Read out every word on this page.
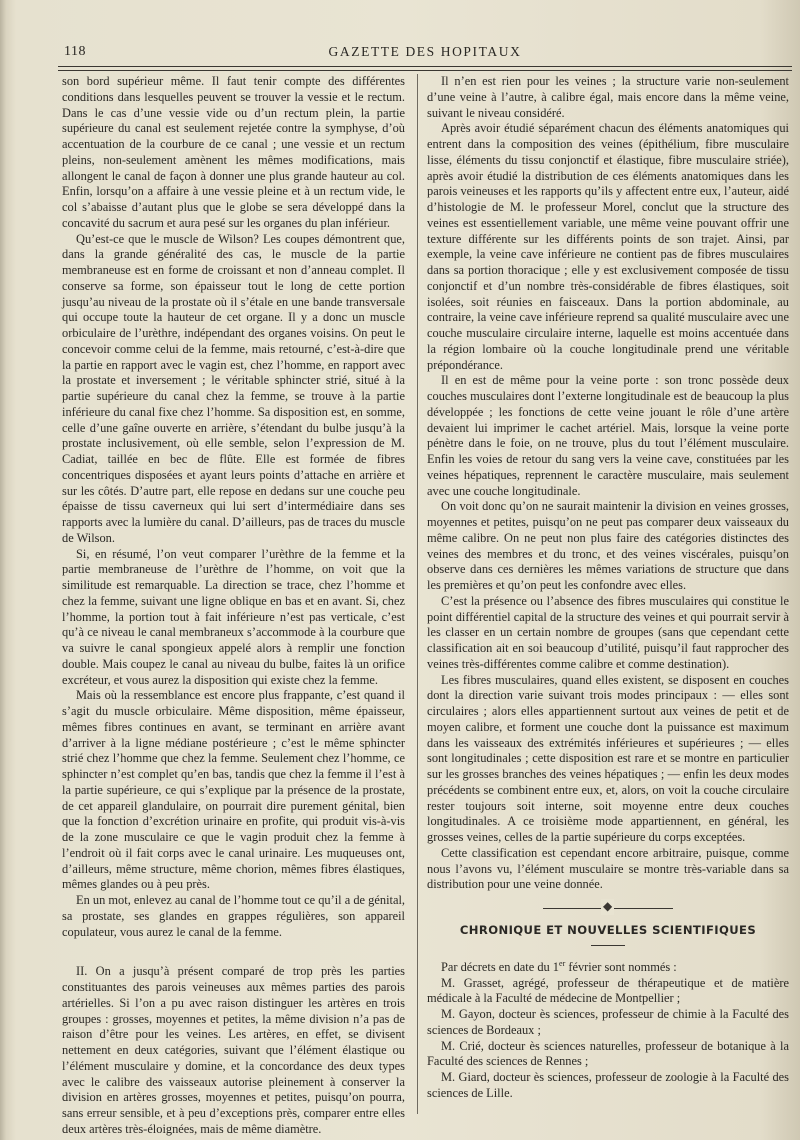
118	GAZETTE DES HOPITAUX

son bord supérieur même. Il faut tenir compte des différentes conditions dans lesquelles peuvent se trouver la vessie et le rectum. Dans le cas d’une vessie vide ou d’un rectum plein, la partie supérieure du canal est seulement rejetée contre la symphyse, d’où accentuation de la courbure de ce canal ; une vessie et un rectum pleins, non-seulement amènent les mêmes modifications, mais allongent le canal de façon à donner une plus grande hauteur au col. Enfin, lorsqu’on a affaire à une vessie pleine et à un rectum vide, le col s’abaisse d’autant plus que le globe se sera développé dans la concavité du sacrum et aura pesé sur les organes du plan inférieur.

Qu’est-ce que le muscle de Wilson? Les coupes démontrent que, dans la grande généralité des cas, le muscle de la partie membraneuse est en forme de croissant et non d’anneau complet. Il conserve sa forme, son épaisseur tout le long de cette portion jusqu’au niveau de la prostate où il s’étale en une bande transversale qui occupe toute la hauteur de cet organe. Il y a donc un muscle orbiculaire de l’urèthre, indépendant des organes voisins. On peut le concevoir comme celui de la femme, mais retourné, c’est-à-dire que la partie en rapport avec le vagin est, chez l’homme, en rapport avec la prostate et inversement ; le véritable sphincter strié, situé à la partie supérieure du canal chez la femme, se trouve à la partie inférieure du canal fixe chez l’homme. Sa disposition est, en somme, celle d’une gaîne ouverte en arrière, s’étendant du bulbe jusqu’à la prostate inclusivement, où elle semble, selon l’expression de M. Cadiat, taillée en bec de flûte. Elle est formée de fibres concentriques disposées et ayant leurs points d’attache en arrière et sur les côtés. D’autre part, elle repose en dedans sur une couche peu épaisse de tissu caverneux qui lui sert d’intermédiaire dans ses rapports avec la lumière du canal. D’ailleurs, pas de traces du muscle de Wilson.

Si, en résumé, l’on veut comparer l’urèthre de la femme et la partie membraneuse de l’urèthre de l’homme, on voit que la similitude est remarquable. La direction se trace, chez l’homme et chez la femme, suivant une ligne oblique en bas et en avant. Si, chez l’homme, la portion tout à fait inférieure n’est pas verticale, c’est qu’à ce niveau le canal membraneux s’accommode à la courbure que va suivre le canal spongieux appelé alors à remplir une fonction double. Mais coupez le canal au niveau du bulbe, faites là un orifice excréteur, et vous aurez la disposition qui existe chez la femme.

Mais où la ressemblance est encore plus frappante, c’est quand il s’agit du muscle orbiculaire. Même disposition, même épaisseur, mêmes fibres continues en avant, se terminant en arrière avant d’arriver à la ligne médiane postérieure ; c’est le même sphincter strié chez l’homme que chez la femme. Seulement chez l’homme, ce sphincter n’est complet qu’en bas, tandis que chez la femme il l’est à la partie supérieure, ce qui s’explique par la présence de la prostate, de cet appareil glandulaire, on pourrait dire purement génital, bien que la fonction d’excrétion urinaire en profite, qui produit vis-à-vis de la zone musculaire ce que le vagin produit chez la femme à l’endroit où il fait corps avec le canal urinaire. Les muqueuses ont, d’ailleurs, même structure, même chorion, mêmes fibres élastiques, mêmes glandes ou à peu près.

En un mot, enlevez au canal de l’homme tout ce qu’il a de génital, sa prostate, ses glandes en grappes régulières, son appareil copulateur, vous aurez le canal de la femme.

II. On a jusqu’à présent comparé de trop près les parties constituantes des parois veineuses aux mêmes parties des parois artérielles. Si l’on a pu avec raison distinguer les artères en trois groupes : grosses, moyennes et petites, la même division n’a pas de raison d’être pour les veines. Les artères, en effet, se divisent nettement en deux catégories, suivant que l’élément élastique ou l’élément musculaire y domine, et la concordance des deux types avec le calibre des vaisseaux autorise pleinement à conserver la division en artères grosses, moyennes et petites, puisqu’on pourra, sans erreur sensible, et à peu d’exceptions près, comparer entre elles deux artères très-éloignées, mais de même diamètre.

Il n’en est rien pour les veines ; la structure varie non-seulement d’une veine à l’autre, à calibre égal, mais encore dans la même veine, suivant le niveau considéré.

Après avoir étudié séparément chacun des éléments anatomiques qui entrent dans la composition des veines (épithélium, fibre musculaire lisse, éléments du tissu conjonctif et élastique, fibre musculaire striée), après avoir étudié la distribution de ces éléments anatomiques dans les parois veineuses et les rapports qu’ils y affectent entre eux, l’auteur, aidé d’histologie de M. le professeur Morel, conclut que la structure des veines est essentiellement variable, une même veine pouvant offrir une texture différente sur les différents points de son trajet. Ainsi, par exemple, la veine cave inférieure ne contient pas de fibres musculaires dans sa portion thoracique ; elle y est exclusivement composée de tissu conjonctif et d’un nombre très-considérable de fibres élastiques, soit isolées, soit réunies en faisceaux. Dans la portion abdominale, au contraire, la veine cave inférieure reprend sa qualité musculaire avec une couche musculaire circulaire interne, laquelle est moins accentuée dans la région lombaire où la couche longitudinale prend une véritable prépondérance.

Il en est de même pour la veine porte : son tronc possède deux couches musculaires dont l’externe longitudinale est de beaucoup la plus développée ; les fonctions de cette veine jouant le rôle d’une artère devaient lui imprimer le cachet artériel. Mais, lorsque la veine porte pénètre dans le foie, on ne trouve, plus du tout l’élément musculaire. Enfin les voies de retour du sang vers la veine cave, constituées par les veines hépatiques, reprennent le caractère musculaire, mais seulement avec une couche longitudinale.

On voit donc qu’on ne saurait maintenir la division en veines grosses, moyennes et petites, puisqu’on ne peut pas comparer deux vaisseaux du même calibre. On ne peut non plus faire des catégories distinctes des veines des membres et du tronc, et des veines viscérales, puisqu’on observe dans ces dernières les mêmes variations de structure que dans les premières et qu’on peut les confondre avec elles.

C’est la présence ou l’absence des fibres musculaires qui constitue le point différentiel capital de la structure des veines et qui pourrait servir à les classer en un certain nombre de groupes (sans que cependant cette classification ait en soi beaucoup d’utilité, puisqu’il faut rapprocher des veines très-différentes comme calibre et comme destination).

Les fibres musculaires, quand elles existent, se disposent en couches dont la direction varie suivant trois modes principaux : — elles sont circulaires ; alors elles appartiennent surtout aux veines de petit et de moyen calibre, et forment une couche dont la puissance est maximum dans les vaisseaux des extrémités inférieures et supérieures ; — elles sont longitudinales ; cette disposition est rare et se montre en particulier sur les grosses branches des veines hépatiques ; — enfin les deux modes précédents se combinent entre eux, et, alors, on voit la couche circulaire rester toujours soit interne, soit moyenne entre deux couches longitudinales. A ce troisième mode appartiennent, en général, les grosses veines, celles de la partie supérieure du corps exceptées.

Cette classification est cependant encore arbitraire, puisque, comme nous l’avons vu, l’élément musculaire se montre très-variable dans sa distribution pour une veine donnée.

◆
CHRONIQUE ET NOUVELLES SCIENTIFIQUES

Par décrets en date du 1er février sont nommés :

M. Grasset, agrégé, professeur de thérapeutique et de matière médicale à la Faculté de médecine de Montpellier ;

M. Gayon, docteur ès sciences, professeur de chimie à la Faculté des sciences de Bordeaux ;

M. Crié, docteur ès sciences naturelles, professeur de botanique à la Faculté des sciences de Rennes ;

M. Giard, docteur ès sciences, professeur de zoologie à la Faculté des sciences de Lille.
